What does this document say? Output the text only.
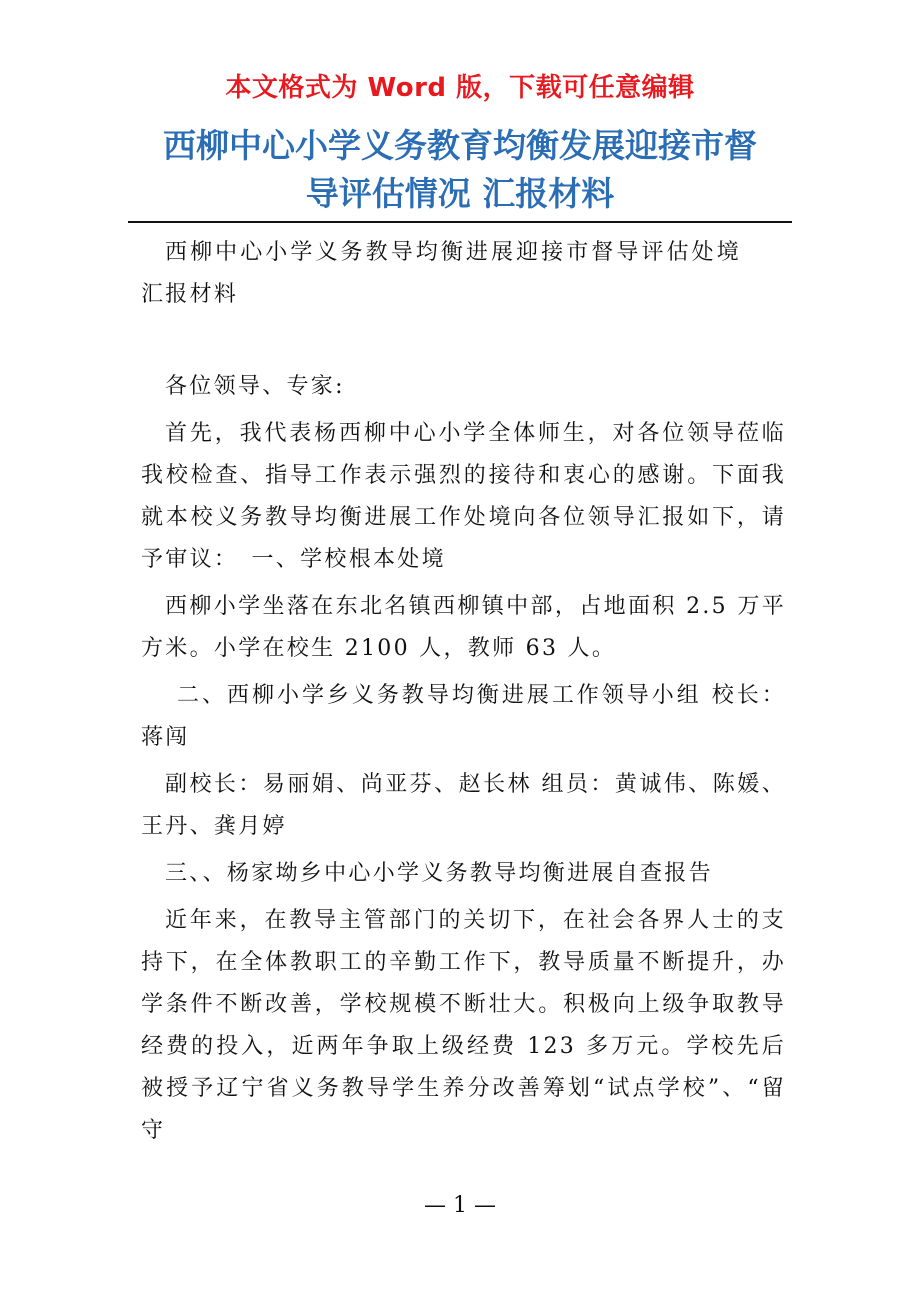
本文格式为 Word 版，下载可任意编辑
西柳中心小学义务教育均衡发展迎接市督
导评估情况 汇报材料

西柳中心小学义务教导均衡进展迎接市督导评估处境汇报材料

各位领导、专家:

首先，我代表杨西柳中心小学全体师生，对各位领导莅临我校检查、指导工作表示强烈的接待和衷心的感谢。下面我就本校义务教导均衡进展工作处境向各位领导汇报如下，请予审议：　一、学校根本处境

西柳小学坐落在东北名镇西柳镇中部，占地面积 2.5 万平方米。小学在校生 2100 人，教师 63 人。

二、西柳小学乡义务教导均衡进展工作领导小组 校长：蒋闯

副校长：易丽娟、尚亚芬、赵长林 组员：黄诚伟、陈媛、王丹、龚月婷

三、、杨家坳乡中心小学义务教导均衡进展自查报告

近年来，在教导主管部门的关切下，在社会各界人士的支持下，在全体教职工的辛勤工作下，教导质量不断提升，办学条件不断改善，学校规模不断壮大。积极向上级争取教导经费的投入，近两年争取上级经费 123 多万元。学校先后被授予辽宁省义务教导学生养分改善筹划“试点学校”、“留守

— 1 —
